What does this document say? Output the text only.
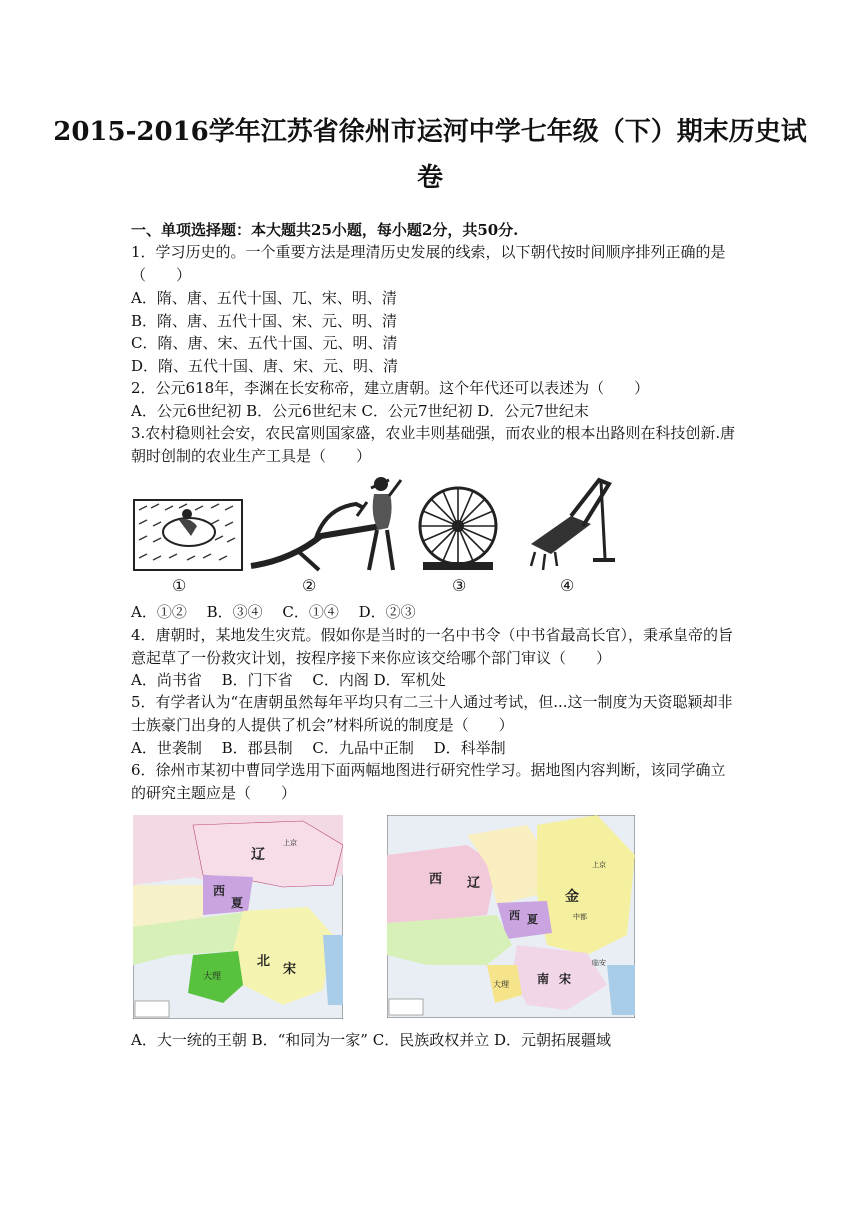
2015-2016学年江苏省徐州市运河中学七年级（下）期末历史试
卷
一、单项选择题：本大题共25小题，每小题2分，共50分.
1．学习历史的。一个重要方法是理清历史发展的线索，以下朝代按时间顺序排列正确的是
（　　）
A．隋、唐、五代十国、兀、宋、明、清
B．隋、唐、五代十国、宋、元、明、清
C．隋、唐、宋、五代十国、元、明、清
D．隋、五代十国、唐、宋、元、明、清
2．公元618年，李渊在长安称帝，建立唐朝。这个年代还可以表述为（　　）
A．公元6世纪初 B．公元6世纪末 C．公元7世纪初 D．公元7世纪末
3.农村稳则社会安，农民富则国家盛，农业丰则基础强，而农业的根本出路则在科技创新.唐
朝时创制的农业生产工具是（　　）
①	②	③	④
A．①②　 B．③④　 C．①④　 D．②③
4．唐朝时，某地发生灾荒。假如你是当时的一名中书令（中书省最高长官），秉承皇帝的旨
意起草了一份救灾计划，按程序接下来你应该交给哪个部门审议（　　）
A．尚书省　 B．门下省　 C．内阁 D．军机处
5．有学者认为“在唐朝虽然每年平均只有二三十人通过考试，但...这一制度为天资聪颖却非
士族豪门出身的人提供了机会”材料所说的制度是（　　）
A．世袭制　 B．郡县制　 C．九品中正制　 D．科举制
6．徐州市某初中曹同学选用下面两幅地图进行研究性学习。据地图内容判断，该同学确立
的研究主题应是（　　）
辽
西
夏
北
宋
大理
上京
西 辽
西 夏
金
南 宋
大理
上京
中都
临安
A．大一统的王朝 B．“和同为一家” C．民族政权并立 D．元朝拓展疆域
